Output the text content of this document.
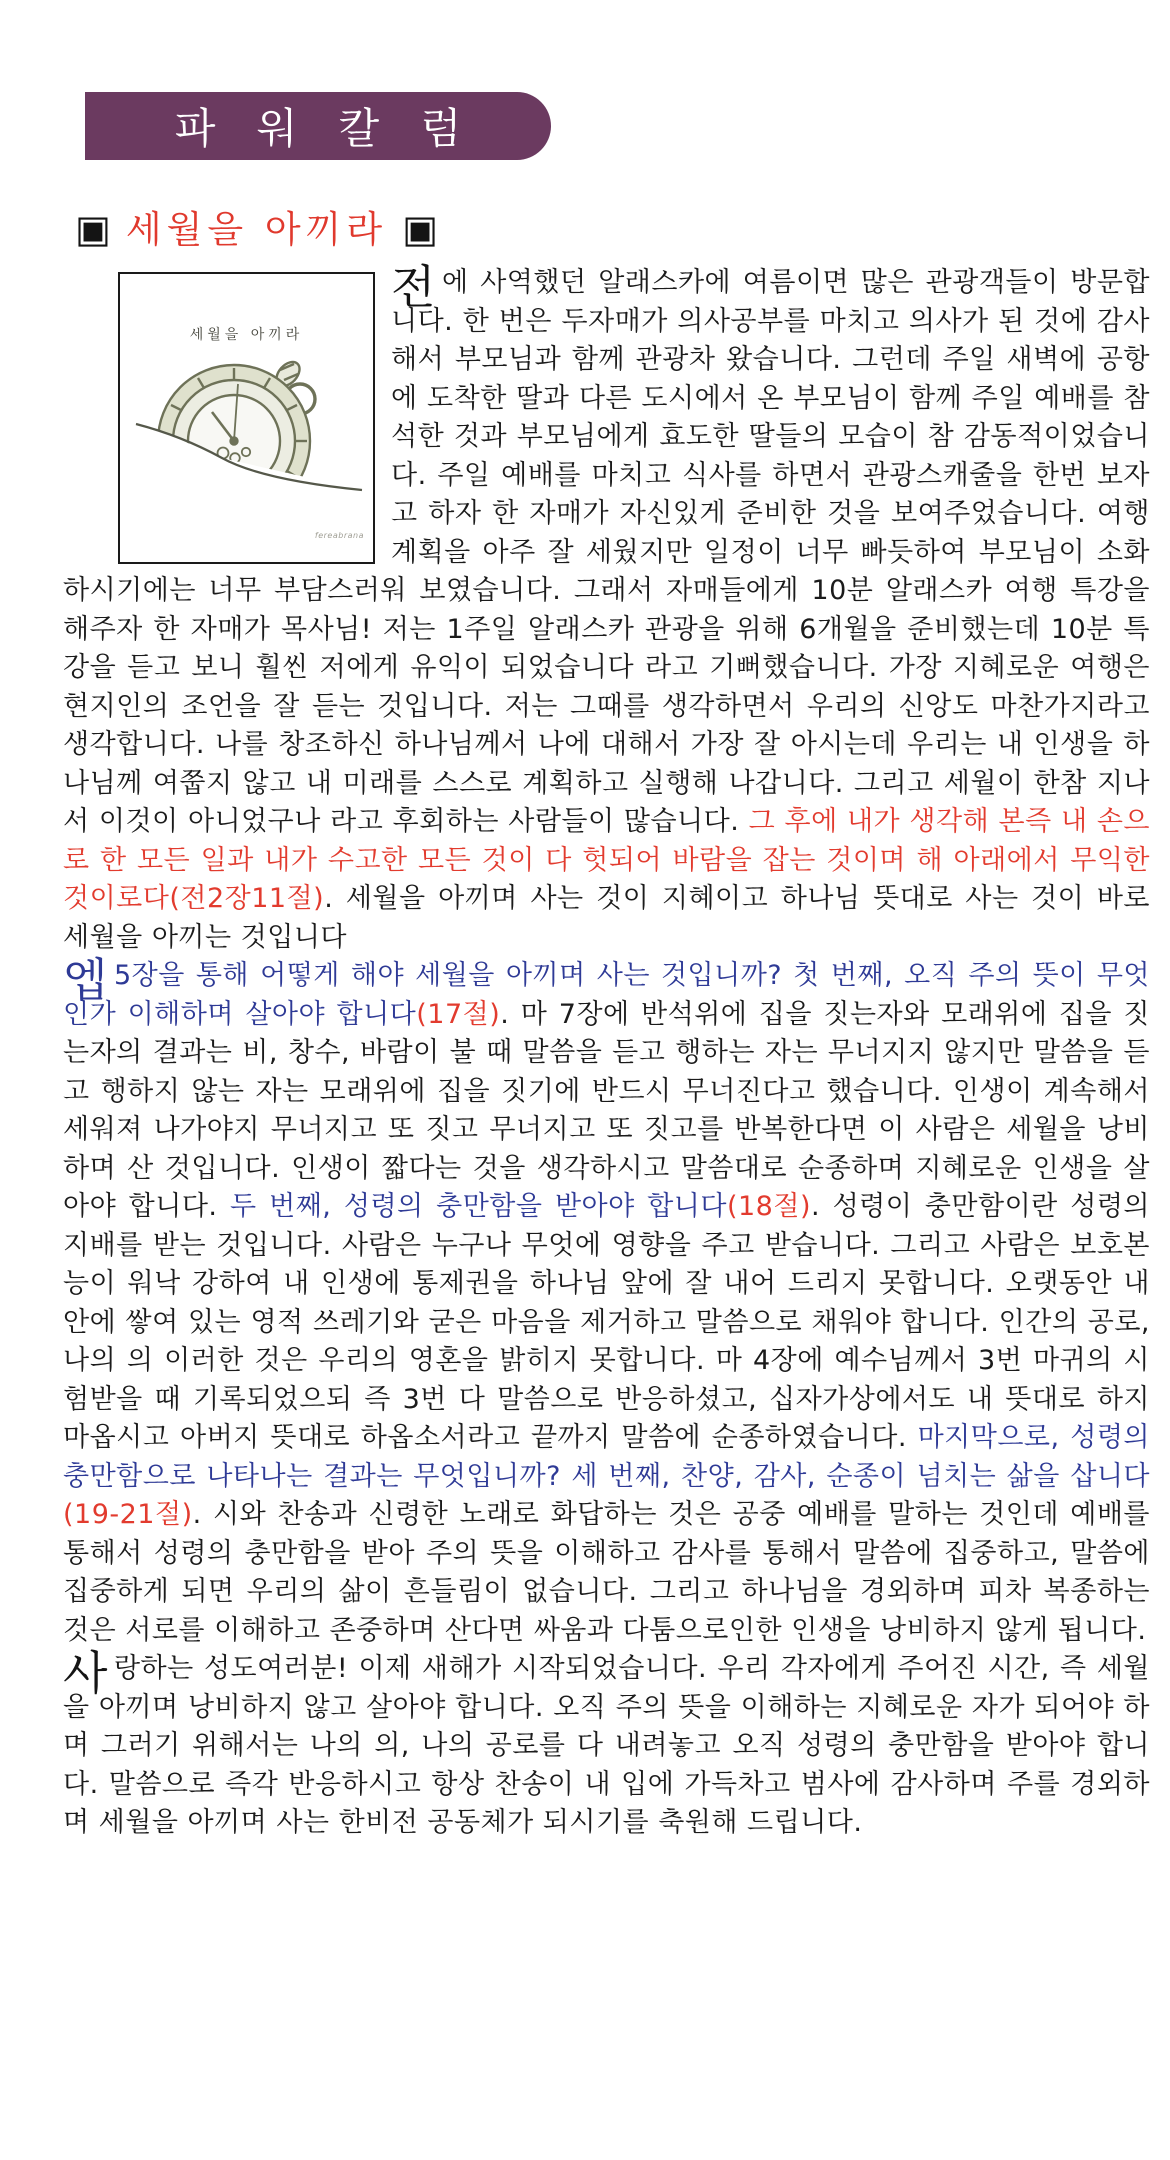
파 워 칼 럼
▣ 세월을 아끼라 ▣
세월을 아끼라
fereabrana

전에 사역했던 알래스카에 여름이면 많은 관광객들이 방문합니다. 한 번은 두자매가 의사공부를 마치고 의사가 된 것에 감사해서 부모님과 함께 관광차 왔습니다. 그런데 주일 새벽에 공항에 도착한 딸과 다른 도시에서 온 부모님이 함께 주일 예배를 참석한 것과 부모님에게 효도한 딸들의 모습이 참 감동적이었습니다. 주일 예배를 마치고 식사를 하면서 관광스캐줄을 한번 보자고 하자 한 자매가 자신있게 준비한 것을 보여주었습니다. 여행계획을 아주 잘 세웠지만 일정이 너무 빠듯하여 부모님이 소화하시기에는 너무 부담스러워 보였습니다. 그래서 자매들에게 10분 알래스카 여행 특강을 해주자 한 자매가 목사님! 저는 1주일 알래스카 관광을 위해 6개월을 준비했는데 10분 특강을 듣고 보니 훨씬 저에게 유익이 되었습니다 라고 기뻐했습니다. 가장 지혜로운 여행은 현지인의 조언을 잘 듣는 것입니다. 저는 그때를 생각하면서 우리의 신앙도 마찬가지라고 생각합니다. 나를 창조하신 하나님께서 나에 대해서 가장 잘 아시는데 우리는 내 인생을 하나님께 여쭙지 않고 내 미래를 스스로 계획하고 실행해 나갑니다. 그리고 세월이 한참 지나서 이것이 아니었구나 라고 후회하는 사람들이 많습니다. 그 후에 내가 생각해 본즉 내 손으로 한 모든 일과 내가 수고한 모든 것이 다 헛되어 바람을 잡는 것이며 해 아래에서 무익한 것이로다(전2장11절). 세월을 아끼며 사는 것이 지혜이고 하나님 뜻대로 사는 것이 바로 세월을 아끼는 것입니다

엡 5장을 통해 어떻게 해야 세월을 아끼며 사는 것입니까? 첫 번째, 오직 주의 뜻이 무엇인가 이해하며 살아야 합니다(17절). 마 7장에 반석위에 집을 짓는자와 모래위에 집을 짓는자의 결과는 비, 창수, 바람이 불 때 말씀을 듣고 행하는 자는 무너지지 않지만 말씀을 듣고 행하지 않는 자는 모래위에 집을 짓기에 반드시 무너진다고 했습니다. 인생이 계속해서 세워져 나가야지 무너지고 또 짓고 무너지고 또 짓고를 반복한다면 이 사람은 세월을 낭비하며 산 것입니다. 인생이 짧다는 것을 생각하시고 말씀대로 순종하며 지혜로운 인생을 살아야 합니다. 두 번째, 성령의 충만함을 받아야 합니다(18절). 성령이 충만함이란 성령의 지배를 받는 것입니다. 사람은 누구나 무엇에 영향을 주고 받습니다. 그리고 사람은 보호본능이 워낙 강하여 내 인생에 통제권을 하나님 앞에 잘 내어 드리지 못합니다. 오랫동안 내 안에 쌓여 있는 영적 쓰레기와 굳은 마음을 제거하고 말씀으로 채워야 합니다. 인간의 공로, 나의 의 이러한 것은 우리의 영혼을 밝히지 못합니다. 마 4장에 예수님께서 3번 마귀의 시험받을 때 기록되었으되 즉 3번 다 말씀으로 반응하셨고, 십자가상에서도 내 뜻대로 하지 마옵시고 아버지 뜻대로 하옵소서라고 끝까지 말씀에 순종하였습니다. 마지막으로, 성령의 충만함으로 나타나는 결과는 무엇입니까? 세 번째, 찬양, 감사, 순종이 넘치는 삶을 삽니다(19-21절). 시와 찬송과 신령한 노래로 화답하는 것은 공중 예배를 말하는 것인데 예배를 통해서 성령의 충만함을 받아 주의 뜻을 이해하고 감사를 통해서 말씀에 집중하고, 말씀에 집중하게 되면 우리의 삶이 흔들림이 없습니다. 그리고 하나님을 경외하며 피차 복종하는 것은 서로를 이해하고 존중하며 산다면 싸움과 다툼으로인한 인생을 낭비하지 않게 됩니다.

사랑하는 성도여러분! 이제 새해가 시작되었습니다. 우리 각자에게 주어진 시간, 즉 세월을 아끼며 낭비하지 않고 살아야 합니다. 오직 주의 뜻을 이해하는 지혜로운 자가 되어야 하며 그러기 위해서는 나의 의, 나의 공로를 다 내려놓고 오직 성령의 충만함을 받아야 합니다. 말씀으로 즉각 반응하시고 항상 찬송이 내 입에 가득차고 범사에 감사하며 주를 경외하며 세월을 아끼며 사는 한비전 공동체가 되시기를 축원해 드립니다.
